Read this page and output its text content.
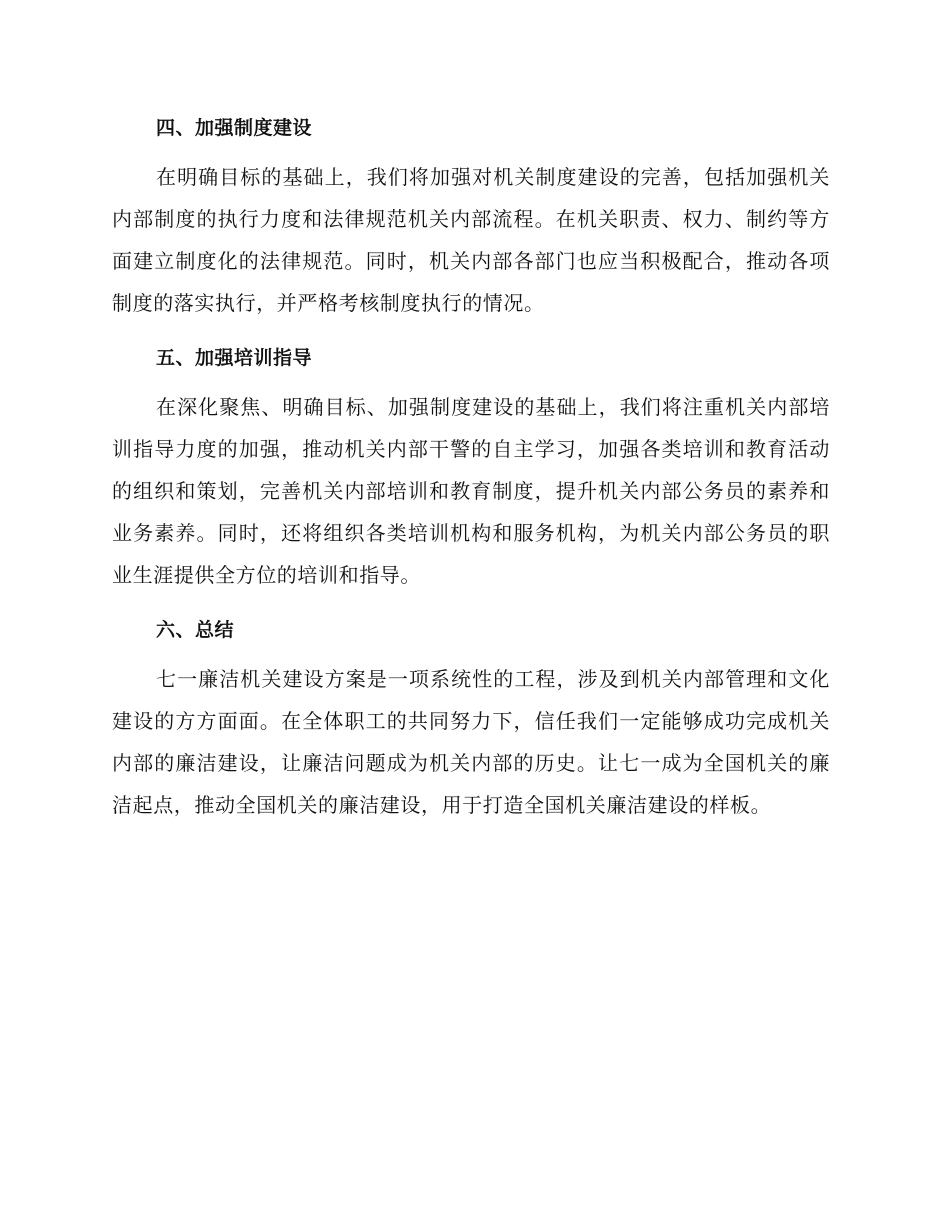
四、加强制度建设

在明确目标的基础上，我们将加强对机关制度建设的完善，包括加强机关内部制度的执行力度和法律规范机关内部流程。在机关职责、权力、制约等方面建立制度化的法律规范。同时，机关内部各部门也应当积极配合，推动各项制度的落实执行，并严格考核制度执行的情况。

五、加强培训指导

在深化聚焦、明确目标、加强制度建设的基础上，我们将注重机关内部培训指导力度的加强，推动机关内部干警的自主学习，加强各类培训和教育活动的组织和策划，完善机关内部培训和教育制度，提升机关内部公务员的素养和业务素养。同时，还将组织各类培训机构和服务机构，为机关内部公务员的职业生涯提供全方位的培训和指导。

六、总结

七一廉洁机关建设方案是一项系统性的工程，涉及到机关内部管理和文化建设的方方面面。在全体职工的共同努力下，信任我们一定能够成功完成机关内部的廉洁建设，让廉洁问题成为机关内部的历史。让七一成为全国机关的廉洁起点，推动全国机关的廉洁建设，用于打造全国机关廉洁建设的样板。
